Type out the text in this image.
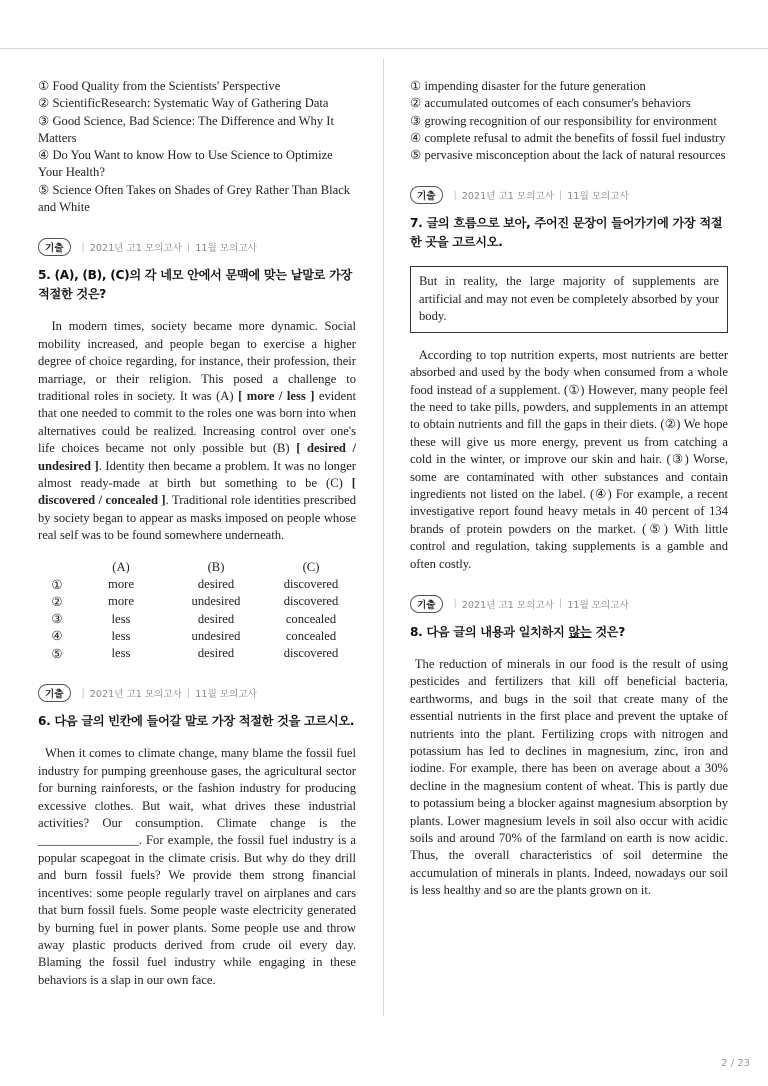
① Food Quality from the Scientists' Perspective
② ScientificResearch: Systematic Way of Gathering Data
③ Good Science, Bad Science: The Difference and Why It Matters
④ Do You Want to know How to Use Science to Optimize Your Health?
⑤ Science Often Takes on Shades of Grey Rather Than Black and White
기출	| 2021년 고1 모의고사 | 11월 모의고사
5. (A), (B), (C)의 각 네모 안에서 문맥에 맞는 낱말로 가장 적절한 것은?
In modern times, society became more dynamic. Social mobility increased, and people began to exercise a higher degree of choice regarding, for instance, their profession, their marriage, or their religion. This posed a challenge to traditional roles in society. It was (A) [ more / less ] evident that one needed to commit to the roles one was born into when alternatives could be realized. Increasing control over one's life choices became not only possible but (B) [ desired / undesired ]. Identity then became a problem. It was no longer almost ready-made at birth but something to be (C) [ discovered / concealed ]. Traditional role identities prescribed by society began to appear as masks imposed on people whose real self was to be found somewhere underneath.
	(A)	(B)	(C)
①	more	desired	discovered
②	more	undesired	discovered
③	less	desired	concealed
④	less	undesired	concealed
⑤	less	desired	discovered
기출	| 2021년 고1 모의고사 | 11월 모의고사
6. 다음 글의 빈칸에 들어갈 말로 가장 적절한 것을 고르시오.
When it comes to climate change, many blame the fossil fuel industry for pumping greenhouse gases, the agricultural sector for burning rainforests, or the fashion industry for producing excessive clothes. But wait, what drives these industrial activities? Our consumption. Climate change is the ________________. For example, the fossil fuel industry is a popular scapegoat in the climate crisis. But why do they drill and burn fossil fuels? We provide them strong financial incentives: some people regularly travel on airplanes and cars that burn fossil fuels. Some people waste electricity generated by burning fuel in power plants. Some people use and throw away plastic products derived from crude oil every day. Blaming the fossil fuel industry while engaging in these behaviors is a slap in our own face.
① impending disaster for the future generation
② accumulated outcomes of each consumer's behaviors
③ growing recognition of our responsibility for environment
④ complete refusal to admit the benefits of fossil fuel industry
⑤ pervasive misconception about the lack of natural resources
기출	| 2021년 고1 모의고사 | 11월 모의고사
7. 글의 흐름으로 보아, 주어진 문장이 들어가기에 가장 적절한 곳을 고르시오.
But in reality, the large majority of supplements are artificial and may not even be completely absorbed by your body.
According to top nutrition experts, most nutrients are better absorbed and used by the body when consumed from a whole food instead of a supplement. (①) However, many people feel the need to take pills, powders, and supplements in an attempt to obtain nutrients and fill the gaps in their diets. (②) We hope these will give us more energy, prevent us from catching a cold in the winter, or improve our skin and hair. (③) Worse, some are contaminated with other substances and contain ingredients not listed on the label. (④) For example, a recent investigative report found heavy metals in 40 percent of 134 brands of protein powders on the market. (⑤) With little control and regulation, taking supplements is a gamble and often costly.
기출	| 2021년 고1 모의고사 | 11월 모의고사
8. 다음 글의 내용과 일치하지 않는 것은?
The reduction of minerals in our food is the result of using pesticides and fertilizers that kill off beneficial bacteria, earthworms, and bugs in the soil that create many of the essential nutrients in the first place and prevent the uptake of nutrients into the plant. Fertilizing crops with nitrogen and potassium has led to declines in magnesium, zinc, iron and iodine. For example, there has been on average about a 30% decline in the magnesium content of wheat. This is partly due to potassium being a blocker against magnesium absorption by plants. Lower magnesium levels in soil also occur with acidic soils and around 70% of the farmland on earth is now acidic. Thus, the overall characteristics of soil determine the accumulation of minerals in plants. Indeed, nowadays our soil is less healthy and so are the plants grown on it.
2 / 23
